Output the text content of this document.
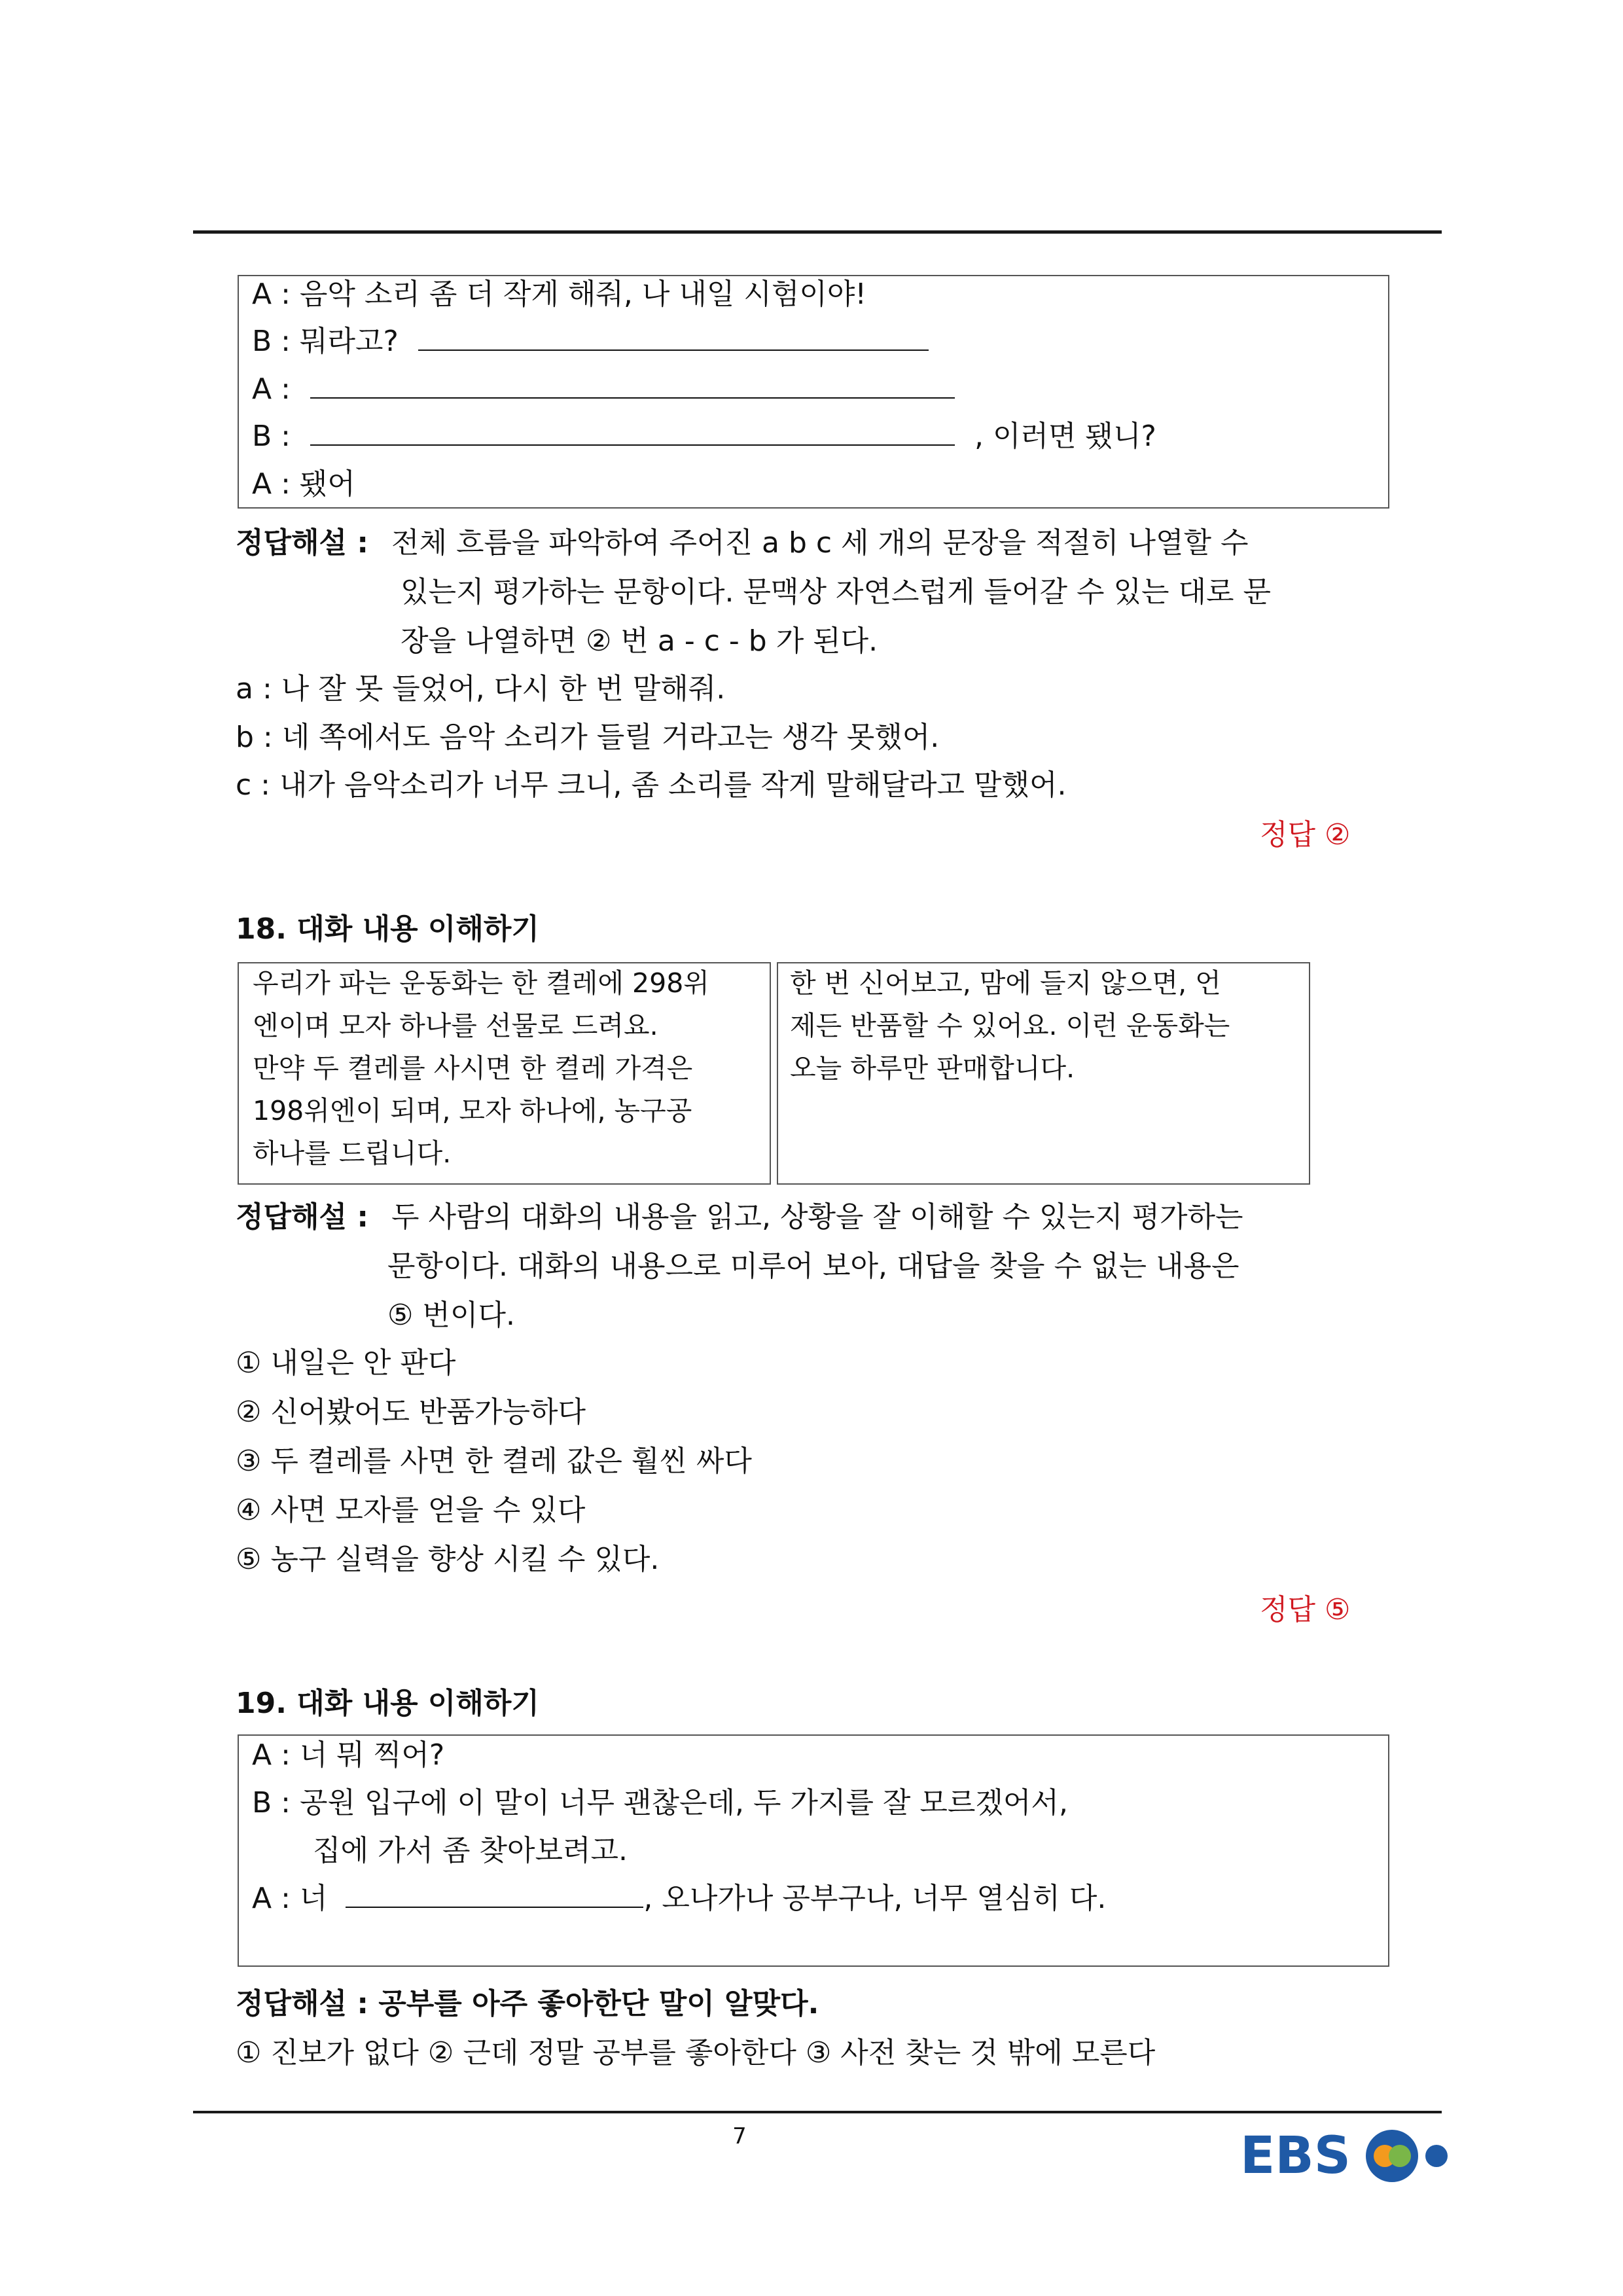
A : 음악 소리 좀 더 작게 해줘, 나 내일 시험이야!
B : 뭐라고?
A :
B :	, 이러면 됐니?
A : 됐어
정답해설 : 전체 흐름을 파악하여 주어진 a b c 세 개의 문장을 적절히 나열할 수
있는지 평가하는 문항이다. 문맥상 자연스럽게 들어갈 수 있는 대로 문
장을 나열하면 ② 번 a - c - b 가 된다.
a : 나 잘 못 들었어, 다시 한 번 말해줘.
b : 네 쪽에서도 음악 소리가 들릴 거라고는 생각 못했어.
c : 내가 음악소리가 너무 크니, 좀 소리를 작게 말해달라고 말했어.
정답 ②
18. 대화 내용 이해하기
우리가 파는 운동화는 한 켤레에 298위
엔이며 모자 하나를 선물로 드려요.
만약 두 켤레를 사시면 한 켤레 가격은
198위엔이 되며, 모자 하나에, 농구공
하나를 드립니다.
한 번 신어보고, 맘에 들지 않으면, 언
제든 반품할 수 있어요. 이런 운동화는
오늘 하루만 판매합니다.
정답해설 : 두 사람의 대화의 내용을 읽고, 상황을 잘 이해할 수 있는지 평가하는
문항이다. 대화의 내용으로 미루어 보아, 대답을 찾을 수 없는 내용은
⑤ 번이다.
① 내일은 안 판다
② 신어봤어도 반품가능하다
③ 두 켤레를 사면 한 켤레 값은 훨씬 싸다
④ 사면 모자를 얻을 수 있다
⑤ 농구 실력을 향상 시킬 수 있다.
정답 ⑤
19. 대화 내용 이해하기
A : 너 뭐 찍어?
B : 공원 입구에 이 말이 너무 괜찮은데, 두 가지를 잘 모르겠어서,
집에 가서 좀 찾아보려고.
A : 너	, 오나가나 공부구나, 너무 열심히 다.
정답해설 : 공부를 아주 좋아한단 말이 알맞다.
① 진보가 없다 ② 근데 정말 공부를 좋아한다 ③ 사전 찾는 것 밖에 모른다
7	EBS
